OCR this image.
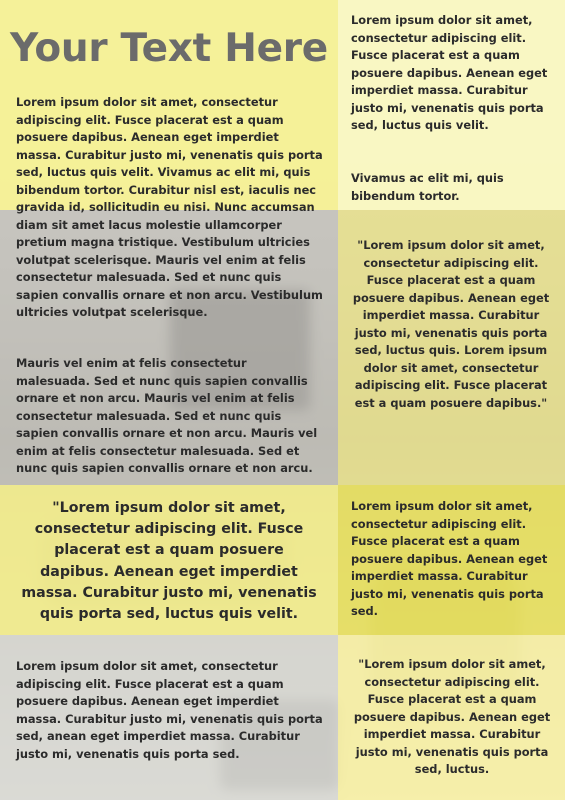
Your Text Here

Lorem ipsum dolor sit amet, consectetur adipiscing elit. Fusce placerat est a quam posuere dapibus. Aenean eget imperdiet massa. Curabitur justo mi, venenatis quis porta sed, luctus quis velit. Vivamus ac elit mi, quis bibendum tortor. Curabitur nisl est, iaculis nec gravida id, sollicitudin eu nisi. Nunc accumsan diam sit amet lacus molestie ullamcorper pretium magna tristique. Vestibulum ultricies volutpat scelerisque. Mauris vel enim at felis consectetur malesuada. Sed et nunc quis sapien convallis ornare et non arcu. Vestibulum ultricies volutpat scelerisque.

Mauris vel enim at felis consectetur malesuada. Sed et nunc quis sapien convallis ornare et non arcu. Mauris vel enim at felis consectetur malesuada. Sed et nunc quis sapien convallis ornare et non arcu. Mauris vel enim at felis consectetur malesuada. Sed et nunc quis sapien convallis ornare et non arcu.

Lorem ipsum dolor sit amet, consectetur adipiscing elit. Fusce placerat est a quam posuere dapibus. Aenean eget imperdiet massa. Curabitur justo mi, venenatis quis porta sed, luctus quis velit.

Vivamus ac elit mi, quis bibendum tortor.

"Lorem ipsum dolor sit amet, consectetur adipiscing elit. Fusce placerat est a quam posuere dapibus. Aenean eget imperdiet massa. Curabitur justo mi, venenatis quis porta sed, luctus quis. Lorem ipsum dolor sit amet, consectetur adipiscing elit. Fusce placerat est a quam posuere dapibus."

"Lorem ipsum dolor sit amet, consectetur adipiscing elit. Fusce placerat est a quam posuere dapibus. Aenean eget imperdiet massa. Curabitur justo mi, venenatis quis porta sed, luctus quis velit.

Lorem ipsum dolor sit amet, consectetur adipiscing elit. Fusce placerat est a quam posuere dapibus. Aenean eget imperdiet massa. Curabitur justo mi, venenatis quis porta sed.

Lorem ipsum dolor sit amet, consectetur adipiscing elit. Fusce placerat est a quam posuere dapibus. Aenean eget imperdiet massa. Curabitur justo mi, venenatis quis porta sed, anean eget imperdiet massa. Curabitur justo mi, venenatis quis porta sed.

"Lorem ipsum dolor sit amet, consectetur adipiscing elit. Fusce placerat est a quam posuere dapibus. Aenean eget imperdiet massa. Curabitur justo mi, venenatis quis porta sed, luctus.
